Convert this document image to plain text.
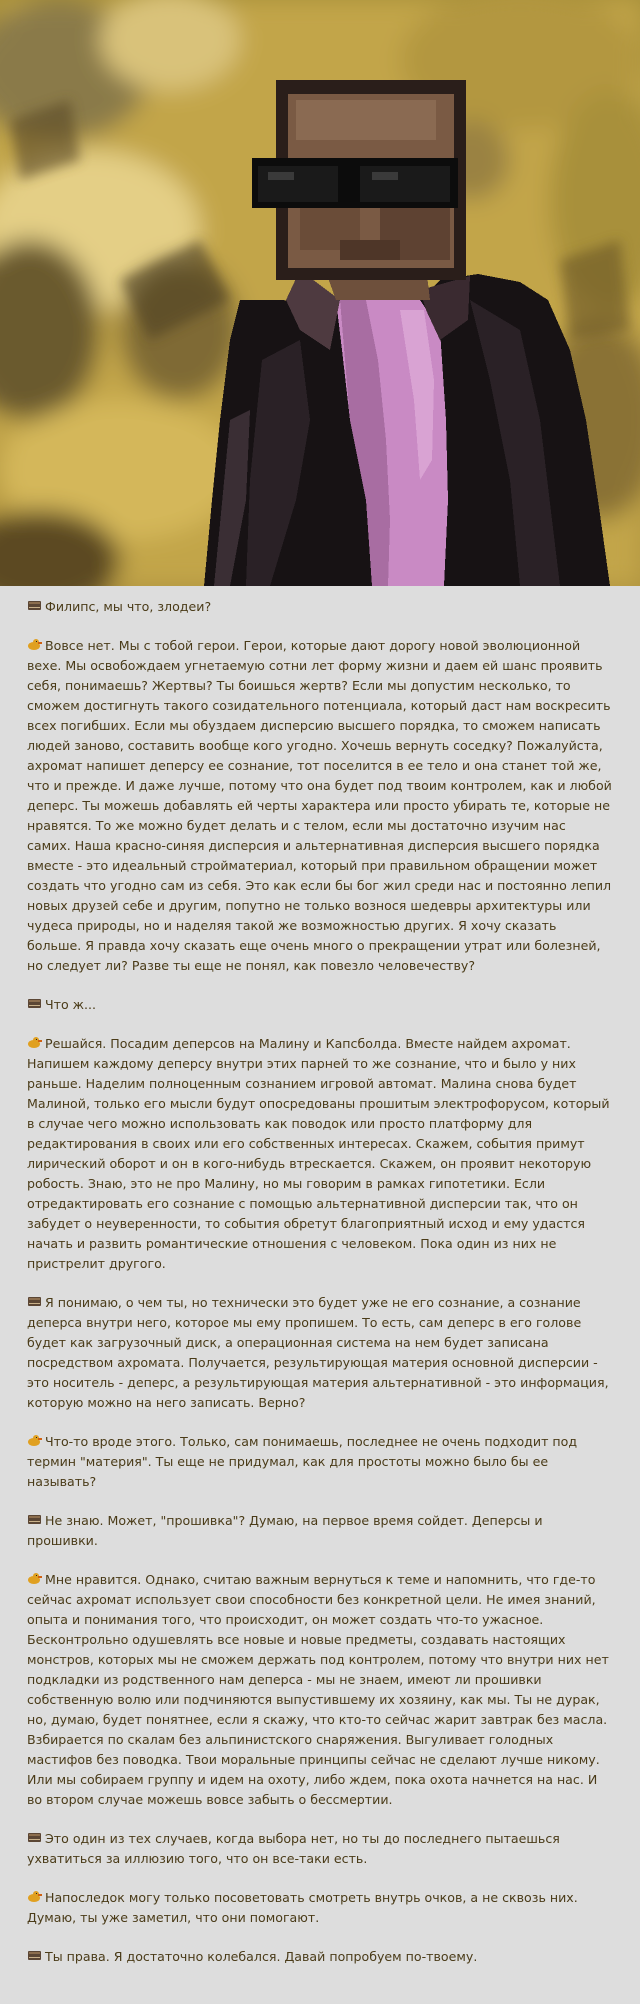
Филипс, мы что, злодеи?

Вовсе нет. Мы с тобой герои. Герои, которые дают дорогу новой эволюционной вехе. Мы освобождаем угнетаемую сотни лет форму жизни и даем ей шанс проявить себя, понимаешь? Жертвы? Ты боишься жертв? Если мы допустим несколько, то сможем достигнуть такого созидательного потенциала, который даст нам воскресить всех погибших. Если мы обуздаем дисперсию высшего порядка, то сможем написать людей заново, составить вообще кого угодно. Хочешь вернуть соседку? Пожалуйста, ахромат напишет деперсу ее сознание, тот поселится в ее тело и она станет той же, что и прежде. И даже лучше, потому что она будет под твоим контролем, как и любой деперс. Ты можешь добавлять ей черты характера или просто убирать те, которые не нравятся. То же можно будет делать и с телом, если мы достаточно изучим нас самих. Наша красно-синяя дисперсия и альтернативная дисперсия высшего порядка вместе - это идеальный стройматериал, который при правильном обращении может создать что угодно сам из себя. Это как если бы бог жил среди нас и постоянно лепил новых друзей себе и другим, попутно не только вознося шедевры архитектуры или чудеса природы, но и наделяя такой же возможностью других. Я хочу сказать больше. Я правда хочу сказать еще очень много о прекращении утрат или болезней, но следует ли? Разве ты еще не понял, как повезло человечеству?

Что ж...

Решайся. Посадим деперсов на Малину и Капсболда. Вместе найдем ахромат. Напишем каждому деперсу внутри этих парней то же сознание, что и было у них раньше. Наделим полноценным сознанием игровой автомат. Малина снова будет Малиной, только его мысли будут опосредованы прошитым электрофорусом, который в случае чего можно использовать как поводок или просто платформу для редактирования в своих или его собственных интересах. Скажем, события примут лирический оборот и он в кого-нибудь втрескается. Скажем, он проявит некоторую робость. Знаю, это не про Малину, но мы говорим в рамках гипотетики. Если отредактировать его сознание с помощью альтернативной дисперсии так, что он забудет о неуверенности, то события обретут благоприятный исход и ему удастся начать и развить романтические отношения с человеком. Пока один из них не пристрелит другого.

Я понимаю, о чем ты, но технически это будет уже не его сознание, а сознание деперса внутри него, которое мы ему пропишем. То есть, сам деперс в его голове будет как загрузочный диск, а операционная система на нем будет записана посредством ахромата. Получается, результирующая материя основной дисперсии - это носитель - деперс, а результирующая материя альтернативной - это информация, которую можно на него записать. Верно?

Что-то вроде этого. Только, сам понимаешь, последнее не очень подходит под термин "материя". Ты еще не придумал, как для простоты можно было бы ее называть?

Не знаю. Может, "прошивка"? Думаю, на первое время сойдет. Деперсы и прошивки.

Мне нравится. Однако, считаю важным вернуться к теме и напомнить, что где-то сейчас ахромат использует свои способности без конкретной цели. Не имея знаний, опыта и понимания того, что происходит, он может создать что-то ужасное. Бесконтрольно одушевлять все новые и новые предметы, создавать настоящих монстров, которых мы не сможем держать под контролем, потому что внутри них нет подкладки из родственного нам деперса - мы не знаем, имеют ли прошивки собственную волю или подчиняются выпустившему их хозяину, как мы. Ты не дурак, но, думаю, будет понятнее, если я скажу, что кто-то сейчас жарит завтрак без масла. Взбирается по скалам без альпинистского снаряжения. Выгуливает голодных мастифов без поводка. Твои моральные принципы сейчас не сделают лучше никому. Или мы собираем группу и идем на охоту, либо ждем, пока охота начнется на нас. И во втором случае можешь вовсе забыть о бессмертии.

Это один из тех случаев, когда выбора нет, но ты до последнего пытаешься ухватиться за иллюзию того, что он все-таки есть.

Напоследок могу только посоветовать смотреть внутрь очков, а не сквозь них. Думаю, ты уже заметил, что они помогают.

Ты права. Я достаточно колебался. Давай попробуем по-твоему.
